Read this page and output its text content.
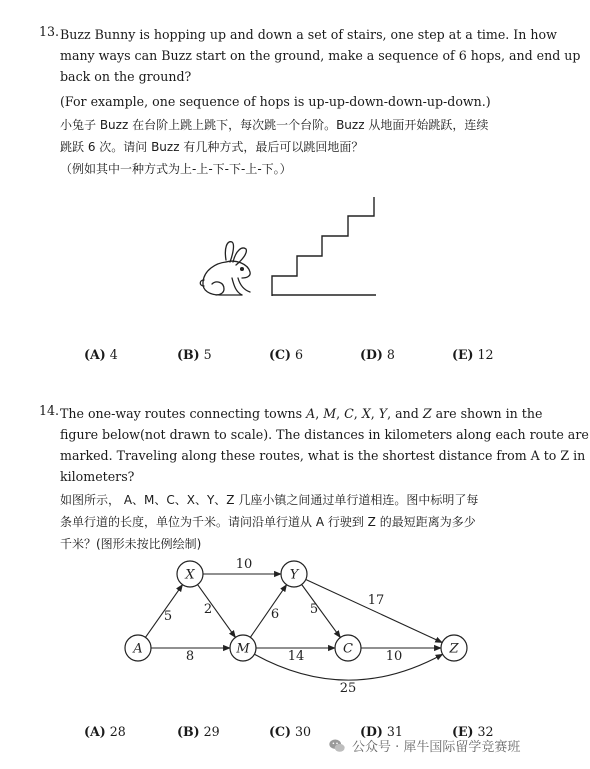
13. Buzz Bunny is hopping up and down a set of stairs, one step at a time. In how

many ways can Buzz start on the ground, make a sequence of 6 hops, and end up

back on the ground?

(For example, one sequence of hops is up-up-down-down-up-down.)

小兔子 Buzz 在台阶上跳上跳下，每次跳一个台阶。Buzz 从地面开始跳跃，连续

跳跃 6 次。请问 Buzz 有几种方式，最后可以跳回地面？

（例如其中一种方式为上-上-下-下-上-下。）

(A) 4	(B) 5	(C) 6	(D) 8	(E) 12
14. The one-way routes connecting towns A, M, C, X, Y, and Z are shown in the

figure below(not drawn to scale). The distances in kilometers along each route are

marked. Traveling along these routes, what is the shortest distance from A to Z in

kilometers?

如图所示， A、M、C、X、Y、Z 几座小镇之间通过单行道相连。图中标明了每

条单行道的长度，单位为千米。请问沿单行道从 A 行驶到 Z 的最短距离为多少

千米？(图形未按比例绘制)

5
10
2
8
6 5
17
14	10
25
A
X
M
Y
C	Z
(A) 28	(B) 29	(C) 30	(D) 31	(E) 32
公众号 · 犀牛国际留学竞赛班
